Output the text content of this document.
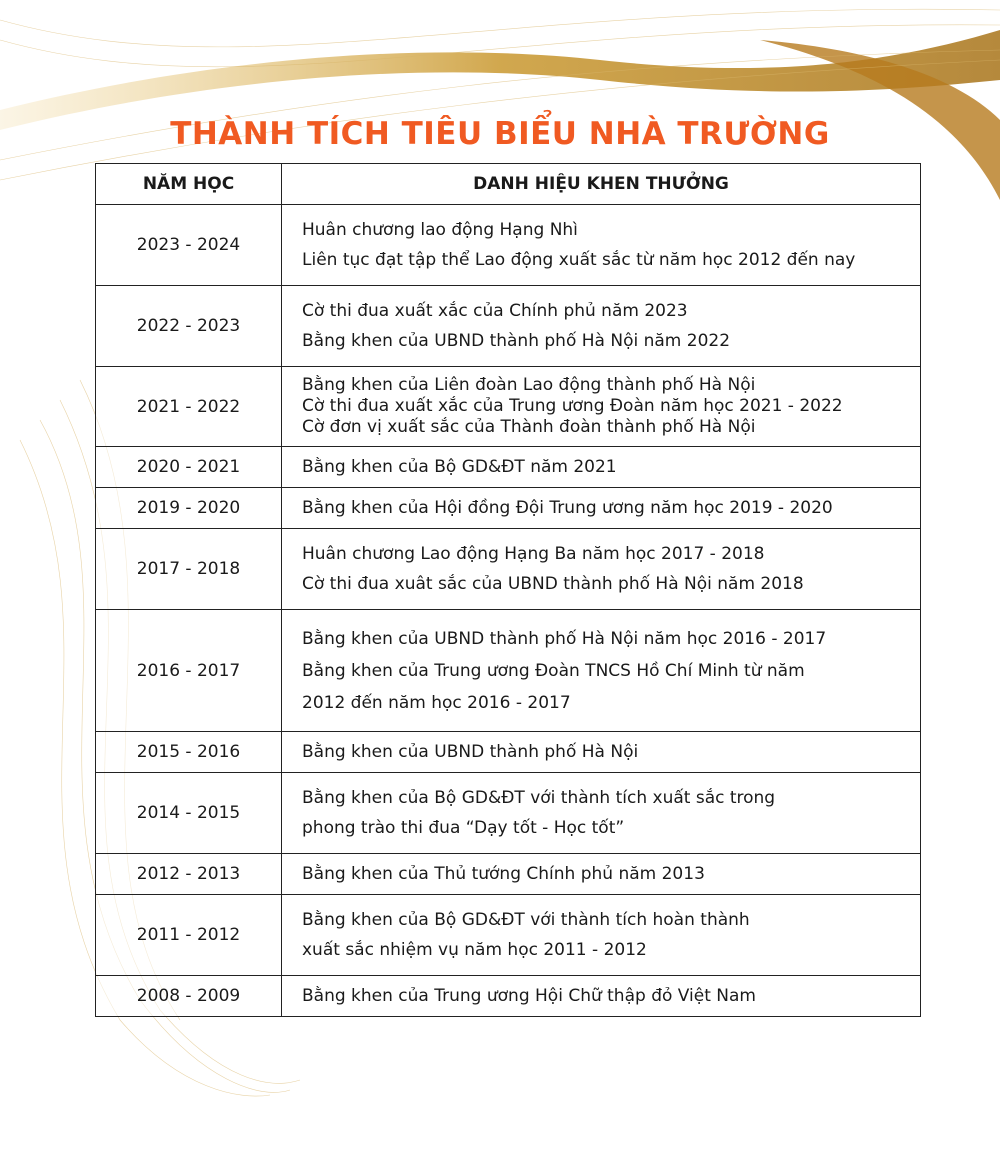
THÀNH TÍCH TIÊU BIỂU NHÀ TRƯỜNG
NĂM HỌC	DANH HIỆU KHEN THƯỞNG
2023 - 2024	Huân chương lao động Hạng Nhì
Liên tục đạt tập thể Lao động xuất sắc từ năm học 2012 đến nay

2022 - 2023	Cờ thi đua xuất xắc của Chính phủ năm 2023
Bằng khen của UBND thành phố Hà Nội năm 2022

2021 - 2022	Bằng khen của Liên đoàn Lao động thành phố Hà Nội
Cờ thi đua xuất xắc của Trung ương Đoàn năm học 2021 - 2022
Cờ đơn vị xuất sắc của Thành đoàn thành phố Hà Nội

2020 - 2021	Bằng khen của Bộ GD&ĐT năm 2021

2019 - 2020	Bằng khen của Hội đồng Đội Trung ương năm học 2019 - 2020

2017 - 2018	Huân chương Lao động Hạng Ba năm học 2017 - 2018
Cờ thi đua xuât sắc của UBND thành phố Hà Nội năm 2018

2016 - 2017	Bằng khen của UBND thành phố Hà Nội năm học 2016 - 2017
Bằng khen của Trung ương Đoàn TNCS Hồ Chí Minh từ năm
2012 đến năm học 2016 - 2017

2015 - 2016	Bằng khen của UBND thành phố Hà Nội

2014 - 2015	Bằng khen của Bộ GD&ĐT với thành tích xuất sắc trong
phong trào thi đua “Dạy tốt - Học tốt”

2012 - 2013	Bằng khen của Thủ tướng Chính phủ năm 2013

2011 - 2012	Bằng khen của Bộ GD&ĐT với thành tích hoàn thành
xuất sắc nhiệm vụ năm học 2011 - 2012

2008 - 2009	Bằng khen của Trung ương Hội Chữ thập đỏ Việt Nam
